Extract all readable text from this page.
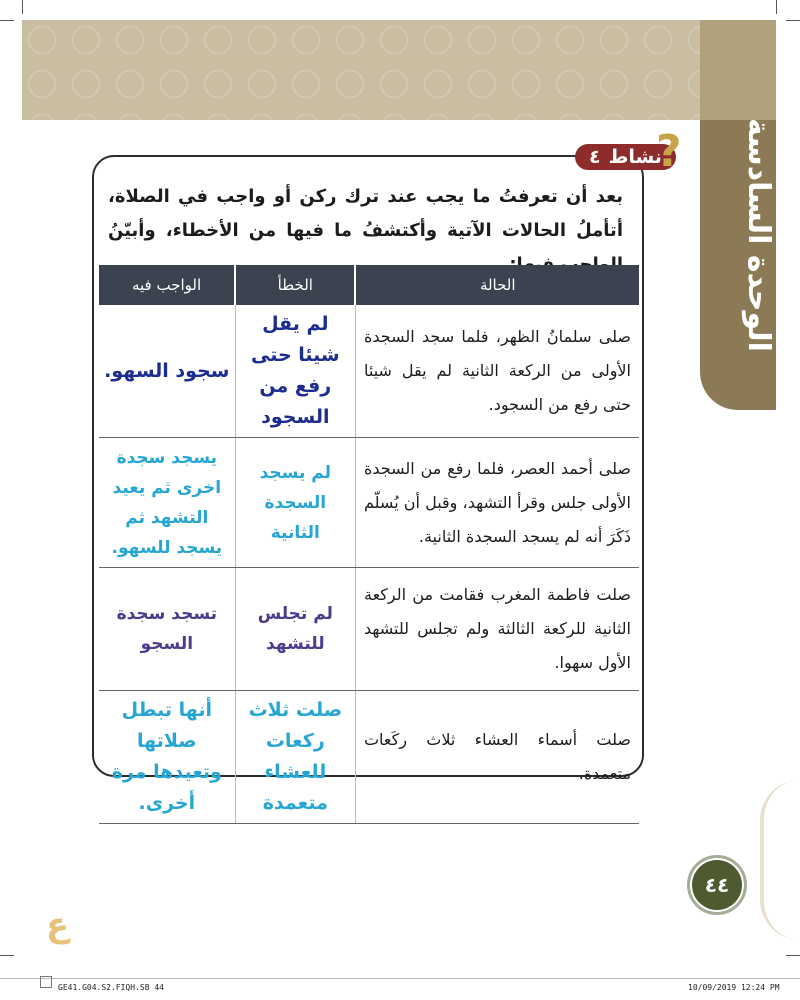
الوحدة السادسة
نشاط
٤ ?
بعد أن تعرفتُ ما يجب عند ترك ركن أو واجب في الصلاة، أتأملُ الحالات الآتية وأكتشفُ ما فيها من الأخطاء، وأبيّنُ
الحالة	الخطأ	الواجب فيه
صلى سلمانُ الظهر، فلما سجد السجدة الأولى من الركعة الثانية لم يقل شيئا حتى رفع من السجود.	لم يقل شيئا حتى رفع من السجود	سجود السهو.
صلى أحمد العصر، فلما رفع من السجدة الأولى جلس وقرأ التشهد، وقبل أن يُسلّم ذَكَرَ أنه لم يسجد السجدة الثانية.	لم يسجد السجدة الثانية	يسجد سجدة اخرى ثم يعيد التشهد ثم يسجد للسهو.
صلت فاطمة المغرب فقامت من الركعة الثانية للركعة الثالثة ولم تجلس للتشهد الأول سهوا.	لم تجلس للتشهد	تسجد سجدة السجو
صلت أسماء العشاء ثلاث ركَعات متعمدة.	صلت ثلاث ركعات للعشاء متعمدة	أنها تبطل صلاتها وتعيدها مرة أخرى.
٤٤
ع
GE41.G04.S2.FIQH.SB 44	10/09/2019 12:24 PM
